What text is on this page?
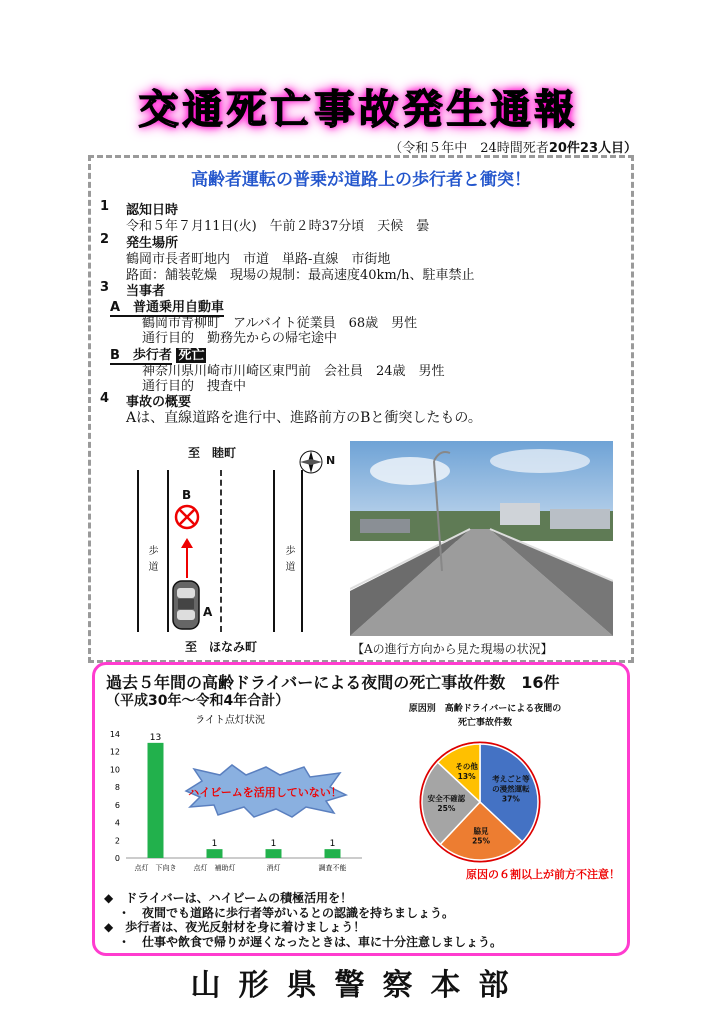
交通死亡事故発生通報
（令和５年中　24時間死者20件23人目）
高齢者運転の普乗が道路上の歩行者と衝突！
1 認知日時
令和５年７月11日(火)　午前２時37分頃　天候　曇
2 発生場所
鶴岡市長者町地内　市道　単路-直線　市街地
路面：舗装乾燥　現場の規制：最高速度40km/h、駐車禁止
3 当事者
A　普通乗用自動車
鶴岡市青柳町　アルバイト従業員　68歳　男性
通行目的　勤務先からの帰宅途中
B　歩行者 死亡
神奈川県川崎市川崎区東門前　会社員　24歳　男性
通行目的　捜査中
4 事故の概要
Aは、直線道路を進行中、進路前方のBと衝突したもの。
至　睦町
至　ほなみ町
歩道	歩道
B
A
N
【Aの進行方向から見た現場の状況】
過去５年間の高齢ドライバーによる夜間の死亡事故件数　16件
（平成30年～令和4年合計）
ライト点灯状況
0
2
4
6
8
10
12
14	13
点灯　下向き
1
点灯　補助灯
1
消灯
1
調査不能
ハイビームを活用していない！
原因別　高齢ドライバーによる夜間の
死亡事故件数
考えごと等
の漫然運転
37%
脇見
25%
安全不確認
25%
その他
13%
原因の６割以上が前方不注意！
◆　ドライバーは、ハイビームの積極活用を！
・　夜間でも道路に歩行者等がいるとの認識を持ちましょう。
◆　歩行者は、夜光反射材を身に着けましょう！
・　仕事や飲食で帰りが遅くなったときは、車に十分注意しましょう。
山形県警察本部
